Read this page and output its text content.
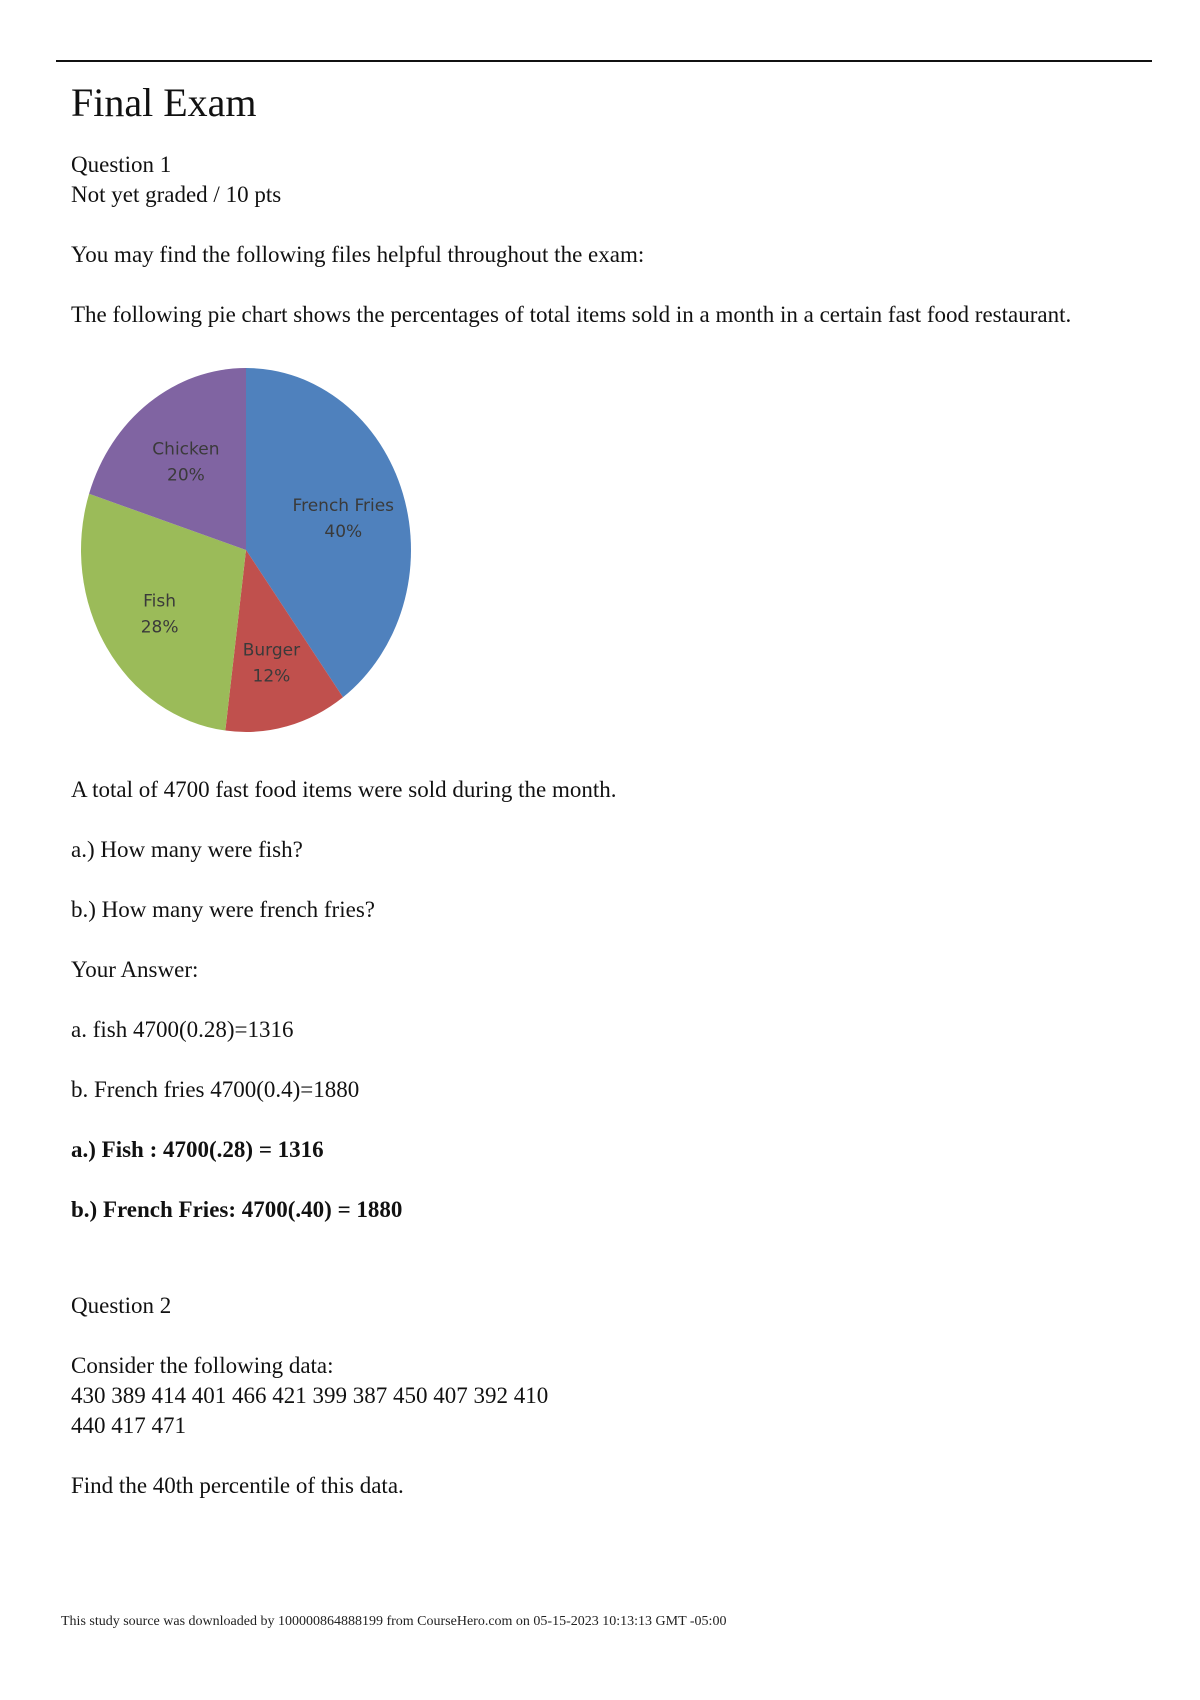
Final Exam

Question 1

Not yet graded / 10 pts

You may find the following files helpful throughout the exam:

The following pie chart shows the percentages of total items sold in a month in a certain fast food restaurant.

French Fries
40%
Burger
12%
Fish
28%
Chicken
20%

A total of 4700 fast food items were sold during the month.

a.) How many were fish?

b.) How many were french fries?

Your Answer:

a. fish 4700(0.28)=1316

b. French fries 4700(0.4)=1880

a.) Fish : 4700(.28) = 1316

b.) French Fries: 4700(.40) = 1880

Question 2

Consider the following data:

430 389 414 401 466 421 399 387 450 407 392 410

440 417 471

Find the 40th percentile of this data.

This study source was downloaded by 100000864888199 from CourseHero.com on 05-15-2023 10:13:13 GMT -05:00
